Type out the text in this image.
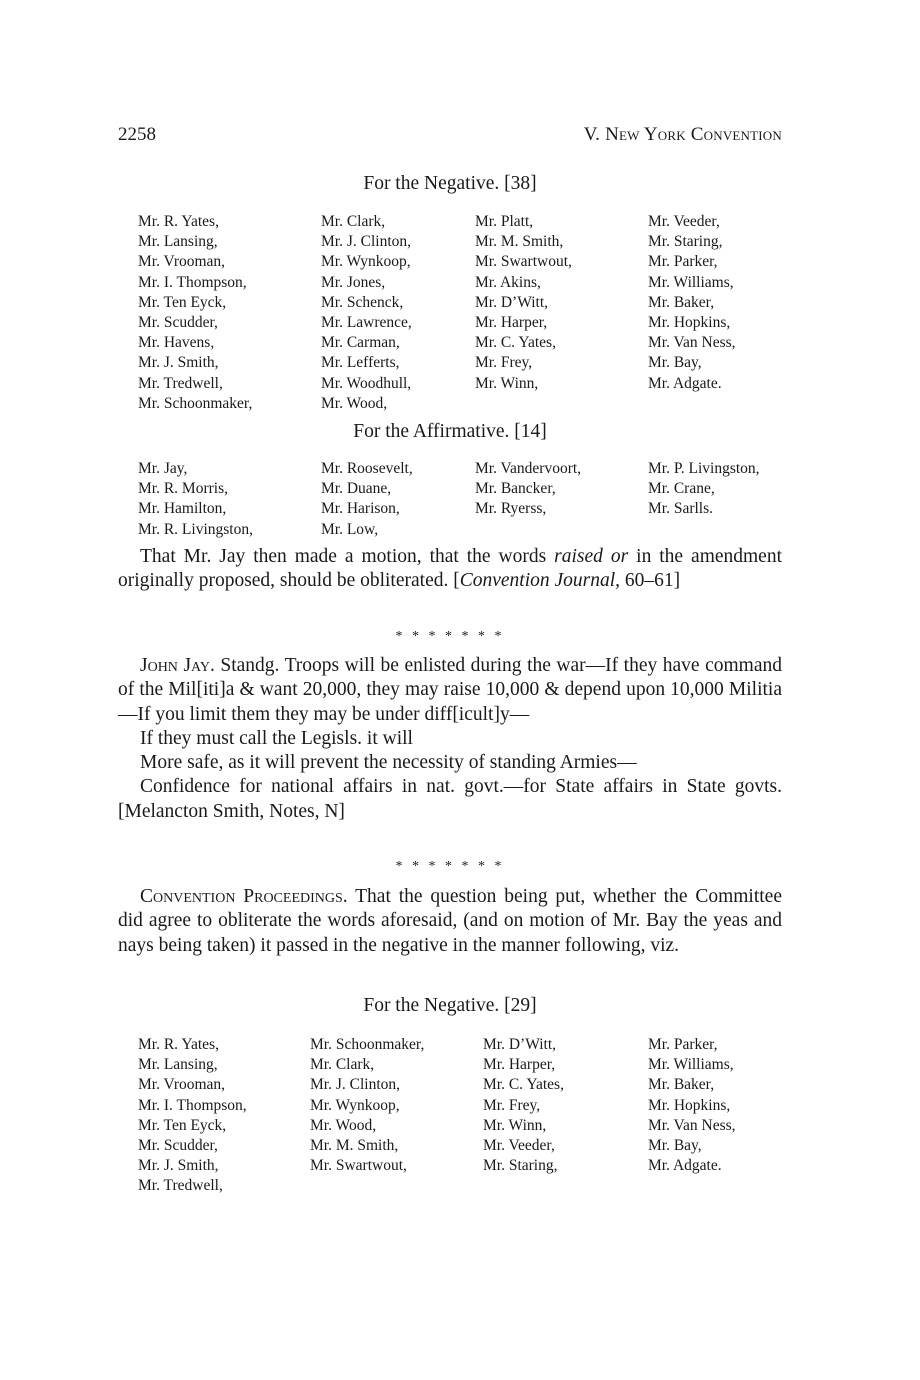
2258	V. New York Convention
For the Negative. [38]
Mr. R. Yates,	Mr. Clark,	Mr. Platt,	Mr. Veeder,
Mr. Lansing,	Mr. J. Clinton,	Mr. M. Smith,	Mr. Staring,
Mr. Vrooman,	Mr. Wynkoop,	Mr. Swartwout,	Mr. Parker,
Mr. I. Thompson,	Mr. Jones,	Mr. Akins,	Mr. Williams,
Mr. Ten Eyck,	Mr. Schenck,	Mr. D’Witt,	Mr. Baker,
Mr. Scudder,	Mr. Lawrence,	Mr. Harper,	Mr. Hopkins,
Mr. Havens,	Mr. Carman,	Mr. C. Yates,	Mr. Van Ness,
Mr. J. Smith,	Mr. Lefferts,	Mr. Frey,	Mr. Bay,
Mr. Tredwell,	Mr. Woodhull,	Mr. Winn,	Mr. Adgate.
Mr. Schoonmaker,	Mr. Wood,
For the Affirmative. [14]
Mr. Jay,	Mr. Roosevelt,	Mr. Vandervoort,	Mr. P. Livingston,
Mr. R. Morris,	Mr. Duane,	Mr. Bancker,	Mr. Crane,
Mr. Hamilton,	Mr. Harison,	Mr. Ryerss,	Mr. Sarlls.
Mr. R. Livingston,	Mr. Low,
That Mr. Jay then made a motion, that the words raised or in the amendment originally proposed, should be obliterated. [Convention Journal, 60–61]
* * * * * * *
John Jay. Standg. Troops will be enlisted during the war—If they have command of the Mil[iti]a & want 20,000, they may raise 10,000 & depend upon 10,000 Militia—If you limit them they may be under diff[icult]y—
If they must call the Legisls. it will
More safe, as it will prevent the necessity of standing Armies—
Confidence for national affairs in nat. govt.—for State affairs in State govts. [Melancton Smith, Notes, N]
* * * * * * *
Convention Proceedings. That the question being put, whether the Committee did agree to obliterate the words aforesaid, (and on motion of Mr. Bay the yeas and nays being taken) it passed in the negative in the manner following, viz.
For the Negative. [29]
Mr. R. Yates,	Mr. Schoonmaker,	Mr. D’Witt,	Mr. Parker,
Mr. Lansing,	Mr. Clark,	Mr. Harper,	Mr. Williams,
Mr. Vrooman,	Mr. J. Clinton,	Mr. C. Yates,	Mr. Baker,
Mr. I. Thompson,	Mr. Wynkoop,	Mr. Frey,	Mr. Hopkins,
Mr. Ten Eyck,	Mr. Wood,	Mr. Winn,	Mr. Van Ness,
Mr. Scudder,	Mr. M. Smith,	Mr. Veeder,	Mr. Bay,
Mr. J. Smith,	Mr. Swartwout,	Mr. Staring,	Mr. Adgate.
Mr. Tredwell,
